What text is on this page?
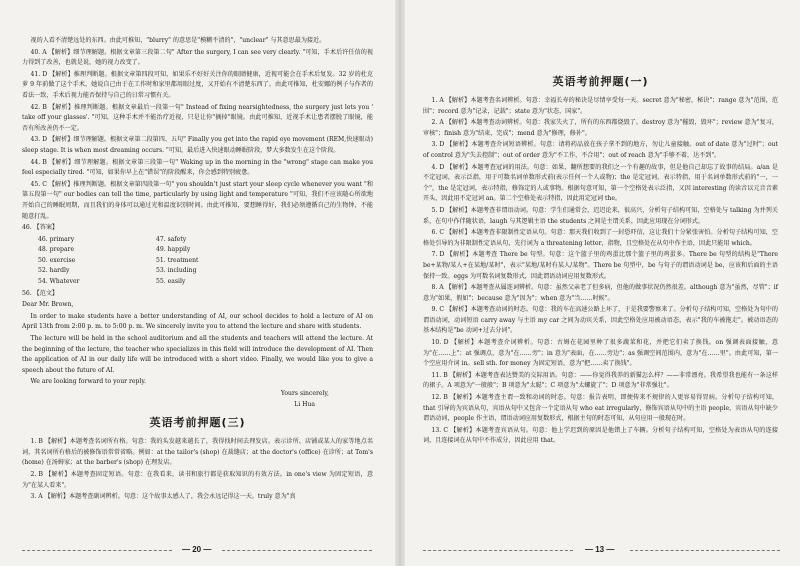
视的人看不清楚远处的东西。由此可推知，"blurry" 的意思是"模糊不清的"，"unclear" 与其意思最为接近。

40. A 【解析】细节理解题。根据文章第三段第二句" After the surgery, I can see very clearly. "可知，手术后许任信的视力得到了改善，也就是说，她的视力改变了。

41. D 【解析】推理判断题。根据文章第四段可知，如果乐不好好关注你的眼睛健康，近视可能会在手术后复发。32 岁的杜克萝 9 年前做了这个手术，她说自己由于在工作时和家里都用眼过度，又开始有不清楚东西了。由此可推知，杜安娜的例子与作者的看法一致，手术后视力能否保持与自己的日常习惯有关。

42. B 【解析】推理判断题。根据文章最后一段第一句" Instead of fixing nearsightedness, the surgery just lets you ' take off your glasses'. "可知，这种手术并不能治疗近视，只是让你"摘掉"眼镜。由此可推知，近视手术让患者摆脱了眼镜，能否有所改善仍不一定。

43. D 【解析】细节理解题。根据文章第二段第四、五句" Finally you get into the rapid eye movement (REM,快速眼动) sleep stage. It is when most dreaming occurs. "可知，最后进入快速眼动睡眠阶段，梦大多数发生在这个阶段。

44. B 【解析】细节理解题。根据文章第三段第一句" Waking up in the morning in the "wrong" stage can make you feel especially tired. "可知，如果你早上在"错误"的阶段醒来，你会感到特别疲惫。

45. C 【解析】推理判断题。根据文章第四段第一句" you shouldn't just start your sleep cycle whenever you want "和第五段第一句" our bodies can tell the time, particularly by using light and temperature "可知，我们不应该随心所欲地开始自己的睡眠周期，而且我们的身体可以通过光和温度识别时间。由此可推知，要想睡得好，我们必须遵循自己的生物钟，不能随意打乱。

46. 【答案】

46. primary	47. safety
48. prepare	49. happily
50. exercise	51. treatment
52. hardly	53. including
54. Whatever	55. easily

56. 【范文】

Dear Mr. Brown,

In order to make students have a better understanding of AI, our school decides to hold a lecture of AI on April 13th from 2:00 p. m. to 5:00 p. m. We sincerely invite you to attend the lecture and share with students.

The lecture will be held in the school auditorium and all the students and teachers will attend the lecture. At the beginning of the lecture, the teacher who specializes in this field will introduce the development of AI. Then the application of AI in our daily life will be introduced with a short video. Finally, we would like you to give a speech about the future of AI.

We are looking forward to your reply.

Yours sincerely,
Li Hua
英语考前押题(三)

1. B 【解析】本题考查名词所有格。句意：我的头发越来越长了，我得找时间去理发店。表示诊所、店铺或某人的家等地点名词，其名词所有格后的被修饰语常常省略。例如：at the tailor's (shop) 在裁缝店；at the doctor's (office) 在诊所；at Tom's (home) 在汤姆家；at the barber's (shop) 在理发店。

2. B 【解析】本题考查固定短语。句意：在我看来，读书和旅行都是获取知识的有效方法。in one's view 为固定短语，意为"在某人看来"。

3. A 【解析】本题考查副词辨析。句意：这个故事太感人了，我会永远记得这一天。truly 意为"真

— 20 —
英语考前押题(一)

1. A 【解析】本题考查名词辨析。句意：幸福长寿的秘诀是尽情享受每一天。secret 意为"秘密，秘诀"；range 意为"范围，范围"；record 意为"记录，记载"；state 意为"状态，国家"。

2. A 【解析】本题考查动词辨析。句意：我家失火了，所有的东西都烧毁了。destroy 意为"摧毁，毁坏"；review 意为"复习，审核"；finish 意为"结束，完成"；mend 意为"修理，修补"。

3. D 【解析】本题考查介词短语辨析。句意：请将药品放在孩子拿不到的地方，勿让儿童接触。out of date 意为"过时"；out of control 意为"失去控制"；out of order 意为"不工作，不合用"；out of reach 意为"手够不着，达不到"。

4. D 【解析】本题考查冠词的用法。句意：如果，翻所想要的我们之一个有趣的故事，但是他自己却忘了故事的结局。a/an 是不定冠词，表示泛指，用于可数名词单数形式前(表示任何一个人或物)；the 是定冠词，表示特指，用于名词单数形式前的"一，一个"，the 是定冠词，表示特指，修饰定的人或事物。根据句意可知，第一个空格处表示泛指，又因 interesting 的读音以元音音素开头，因此用不定冠词 an。第二个空格处表示特指，因此用定冠词 the。

5. D 【解析】本题考查非谓语动词。句意：学生们通常会，迟迟论来，很高兴，分析句子结构可知，空格处与 talking 为并列关系，在句中作伴随状语，laugh 与其逻辑主语 the students 之间是主谓关系，因此应用现在分词形式。

6. C 【解析】本题考查非限制性定语从句。句意：那天我们收到了一封恐吓信，这让我们十分紧张害怕。分析句子结构可知，空格处引导的为非限制性定语从句，先行词为 a threatening letter，指物，且空格处在从句中作主语，因此只能用 which。

7. D 【解析】本题考查 There be 句型。句意：这个篮子里的鸡蛋比那个篮子里的鸡蛋多。There be 句型的结构是"There be+某物/某人+在某地/某时"，表示"某地/某时有某人/某物"。There be 句型中，be 与句子的谓语动词是 be，应该和后面的主语保持一致。eggs 为可数名词复数形式，因此谓语动词应用复数形式。

8. A 【解析】本题考查从属连词辨析。句意：虽然父亲老了但多病，但他的做事状况仍然很差。although 意为"虽然，尽管"；if 意为"如果，假如"；because 意为"因为"；when 意为"当……时候"。

9. C 【解析】本题考查动词的时态。句意：我的车在高速公路上坏了，于是我要警察来了。分析句子结构可知，空格处为句中的谓语动词，动词短语 carry away 与主语 my car 之间为动宾关系，因此空格处应用被动语态，表示"我的车被拖走"。被动语态的基本结构是"be 动词+过去分词"。

10. D 【解析】本题考查介词辨析。句意：古姆在花园里种了很多蔬菜和花，并把它们卖了换钱。on 强调表面接触，意为"在……上"；at 强调点，意为"在……旁"；in 意为"表面，在……旁边"；as 强调空间范围内，意为"在……里"。由此可知，第一个空应用介词 in。sell sth. for money 为固定短语，意为"把……卖了换钱"。

11. B 【解析】本题考查表达赞美的交际用语。句意：——你觉得我养的新猫怎么样？——非常漂亮。我希望我也能有一条这样的裙子。A 项意为"一般般"；B 项意为"太聪"；C 项意为"太螺旋了"；D 项意为"非常强壮"。

12. B 【解析】本题考查主谓一致和动词的时态。句意：报告表明，即便传来不规律的人更容易得胃病。分析句子结构可知，that 引导的为宾语从句，宾语从句中又包含一个定语从句 who eat irregularly，修饰宾语从句中的主语 people，宾语从句中缺少谓语动词，people 作主语，谓语动词应用复数形式，根据主句的时态可知，从句应用一般现在时。

13. C 【解析】本题考查宾语从句。句意：他上学迟到的原因是他错上了车辆。分析句子结构可知，空格处为表语从句的连接词，且连接词在从句中不作成分，因此应用 that。

— 13 —
